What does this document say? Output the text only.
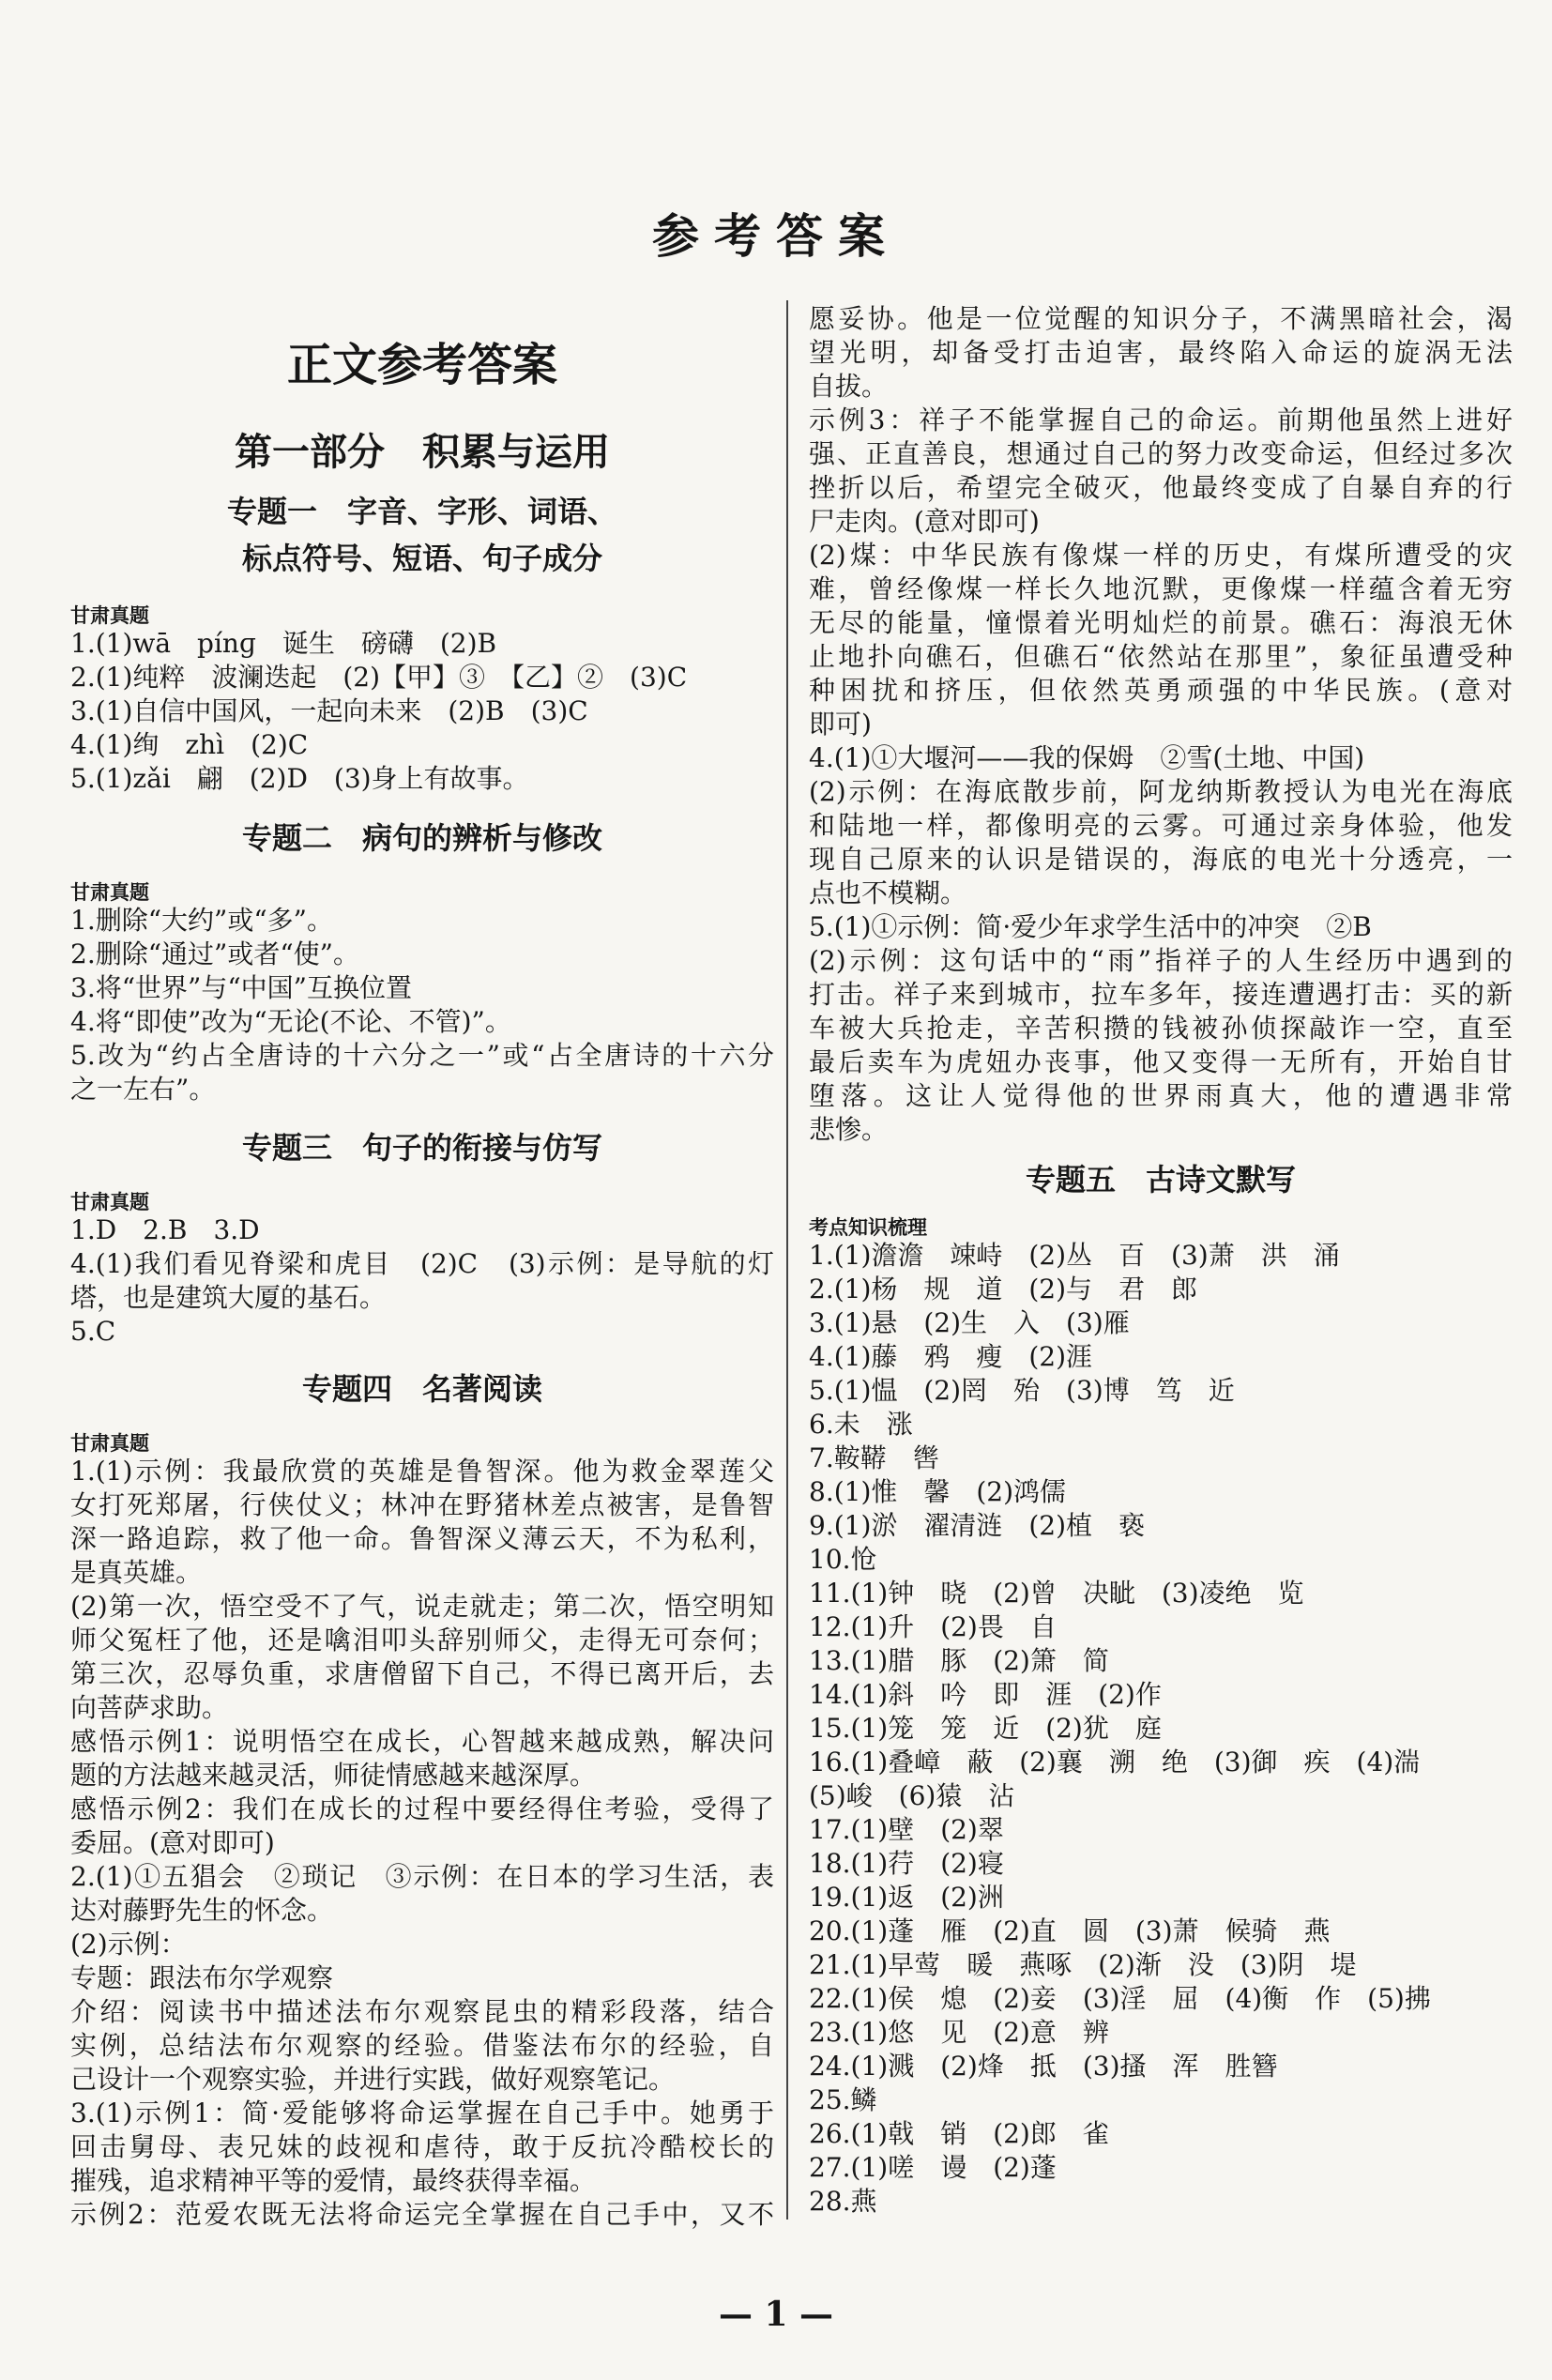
参考答案
正文参考答案
第一部分　积累与运用
专题一　字音、字形、词语、
标点符号、短语、句子成分
甘肃真题
1.(1)wā　pínɡ　诞生　磅礴　(2)B
2.(1)纯粹　波澜迭起　(2)【甲】③　【乙】②　(3)C
3.(1)自信中国风，一起向未来　(2)B　(3)C
4.(1)绚　zhì　(2)C
5.(1)zǎi　翩　(2)D　(3)身上有故事。
专题二　病句的辨析与修改
甘肃真题
1.删除“大约”或“多”。
2.删除“通过”或者“使”。
3.将“世界”与“中国”互换位置
4.将“即使”改为“无论(不论、不管)”。
5.改为“约占全唐诗的十六分之一”或“占全唐诗的十六分
之一左右”。
专题三　句子的衔接与仿写
甘肃真题
1.D　2.B　3.D
4.(1)我们看见脊梁和虎目　(2)C　(3)示例：是导航的灯
塔，也是建筑大厦的基石。
5.C
专题四　名著阅读
甘肃真题
1.(1)示例：我最欣赏的英雄是鲁智深。他为救金翠莲父
女打死郑屠，行侠仗义；林冲在野猪林差点被害，是鲁智
深一路追踪，救了他一命。鲁智深义薄云天，不为私利，
是真英雄。
(2)第一次，悟空受不了气，说走就走；第二次，悟空明知
师父冤枉了他，还是噙泪叩头辞别师父，走得无可奈何；
第三次，忍辱负重，求唐僧留下自己，不得已离开后，去
向菩萨求助。
感悟示例1：说明悟空在成长，心智越来越成熟，解决问
题的方法越来越灵活，师徒情感越来越深厚。
感悟示例2：我们在成长的过程中要经得住考验，受得了
委屈。(意对即可)
2.(1)①五猖会　②琐记　③示例：在日本的学习生活，表
达对藤野先生的怀念。
(2)示例：
专题：跟法布尔学观察
介绍：阅读书中描述法布尔观察昆虫的精彩段落，结合
实例，总结法布尔观察的经验。借鉴法布尔的经验，自
己设计一个观察实验，并进行实践，做好观察笔记。
3.(1)示例1：简·爱能够将命运掌握在自己手中。她勇于
回击舅母、表兄妹的歧视和虐待，敢于反抗冷酷校长的
摧残，追求精神平等的爱情，最终获得幸福。
示例2：范爱农既无法将命运完全掌握在自己手中，又不
愿妥协。他是一位觉醒的知识分子，不满黑暗社会，渴
望光明，却备受打击迫害，最终陷入命运的旋涡无法
自拔。
示例3：祥子不能掌握自己的命运。前期他虽然上进好
强、正直善良，想通过自己的努力改变命运，但经过多次
挫折以后，希望完全破灭，他最终变成了自暴自弃的行
尸走肉。(意对即可)
(2)煤：中华民族有像煤一样的历史，有煤所遭受的灾
难，曾经像煤一样长久地沉默，更像煤一样蕴含着无穷
无尽的能量，憧憬着光明灿烂的前景。礁石：海浪无休
止地扑向礁石，但礁石“依然站在那里”，象征虽遭受种
种困扰和挤压，但依然英勇顽强的中华民族。(意对
即可)
4.(1)①大堰河——我的保姆　②雪(土地、中国)
(2)示例：在海底散步前，阿龙纳斯教授认为电光在海底
和陆地一样，都像明亮的云雾。可通过亲身体验，他发
现自己原来的认识是错误的，海底的电光十分透亮，一
点也不模糊。
5.(1)①示例：简·爱少年求学生活中的冲突　②B
(2)示例：这句话中的“雨”指祥子的人生经历中遇到的
打击。祥子来到城市，拉车多年，接连遭遇打击：买的新
车被大兵抢走，辛苦积攒的钱被孙侦探敲诈一空，直至
最后卖车为虎妞办丧事，他又变得一无所有，开始自甘
堕落。这让人觉得他的世界雨真大，他的遭遇非常
悲惨。
专题五　古诗文默写
考点知识梳理
1.(1)澹澹　竦峙　(2)丛　百　(3)萧　洪　涌
2.(1)杨　规　道　(2)与　君　郎
3.(1)悬　(2)生　入　(3)雁
4.(1)藤　鸦　瘦　(2)涯
5.(1)愠　(2)罔　殆　(3)博　笃　近
6.未　涨
7.鞍鞯　辔
8.(1)惟　馨　(2)鸿儒
9.(1)淤　濯清涟　(2)植　亵
10.怆
11.(1)钟　晓　(2)曾　决眦　(3)凌绝　览
12.(1)升　(2)畏　自
13.(1)腊　豚　(2)箫　简
14.(1)斜　吟　即　涯　(2)作
15.(1)笼　笼　近　(2)犹　庭
16.(1)叠嶂　蔽　(2)襄　溯　绝　(3)御　疾　(4)湍
(5)峻　(6)猿　沾
17.(1)壁　(2)翠
18.(1)荇　(2)寝
19.(1)返　(2)洲
20.(1)蓬　雁　(2)直　圆　(3)萧　候骑　燕
21.(1)早莺　暖　燕啄　(2)渐　没　(3)阴　堤
22.(1)侯　熄　(2)妾　(3)淫　屈　(4)衡　作　(5)拂
23.(1)悠　见　(2)意　辨
24.(1)溅　(2)烽　抵　(3)搔　浑　胜簪
25.鳞
26.(1)戟　销　(2)郎　雀
27.(1)嗟　谩　(2)蓬
28.燕
— 1 —
